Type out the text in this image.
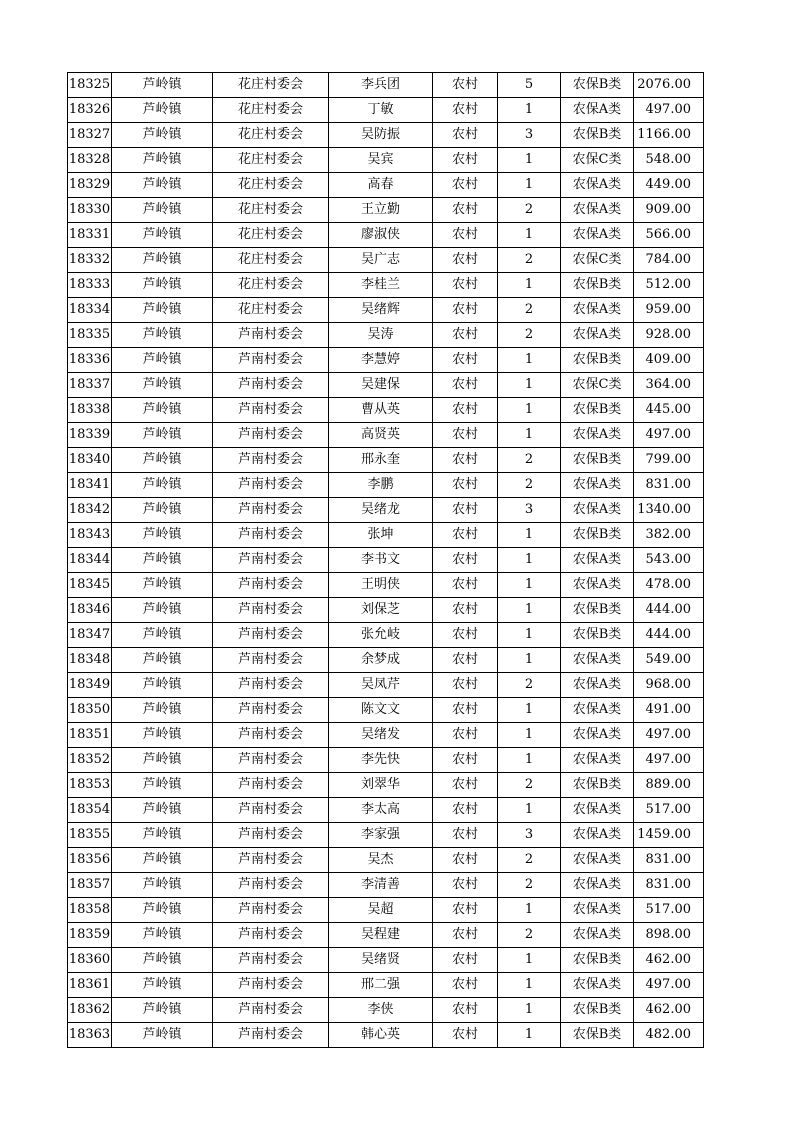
18325	芦岭镇	花庄村委会	李兵团	农村	5	农保B类	2076.00
18326	芦岭镇	花庄村委会	丁敏	农村	1	农保A类	497.00
18327	芦岭镇	花庄村委会	吴防振	农村	3	农保B类	1166.00
18328	芦岭镇	花庄村委会	吴宾	农村	1	农保C类	548.00
18329	芦岭镇	花庄村委会	高春	农村	1	农保A类	449.00
18330	芦岭镇	花庄村委会	王立勤	农村	2	农保A类	909.00
18331	芦岭镇	花庄村委会	廖淑侠	农村	1	农保A类	566.00
18332	芦岭镇	花庄村委会	吴广志	农村	2	农保C类	784.00
18333	芦岭镇	花庄村委会	李桂兰	农村	1	农保B类	512.00
18334	芦岭镇	花庄村委会	吴绪辉	农村	2	农保A类	959.00
18335	芦岭镇	芦南村委会	吴涛	农村	2	农保A类	928.00
18336	芦岭镇	芦南村委会	李慧婷	农村	1	农保B类	409.00
18337	芦岭镇	芦南村委会	吴建保	农村	1	农保C类	364.00
18338	芦岭镇	芦南村委会	曹从英	农村	1	农保B类	445.00
18339	芦岭镇	芦南村委会	高贤英	农村	1	农保A类	497.00
18340	芦岭镇	芦南村委会	邢永奎	农村	2	农保B类	799.00
18341	芦岭镇	芦南村委会	李鹏	农村	2	农保A类	831.00
18342	芦岭镇	芦南村委会	吴绪龙	农村	3	农保A类	1340.00
18343	芦岭镇	芦南村委会	张坤	农村	1	农保B类	382.00
18344	芦岭镇	芦南村委会	李书文	农村	1	农保A类	543.00
18345	芦岭镇	芦南村委会	王明侠	农村	1	农保A类	478.00
18346	芦岭镇	芦南村委会	刘保芝	农村	1	农保B类	444.00
18347	芦岭镇	芦南村委会	张允岐	农村	1	农保B类	444.00
18348	芦岭镇	芦南村委会	余梦成	农村	1	农保A类	549.00
18349	芦岭镇	芦南村委会	吴凤芹	农村	2	农保A类	968.00
18350	芦岭镇	芦南村委会	陈文文	农村	1	农保A类	491.00
18351	芦岭镇	芦南村委会	吴绪发	农村	1	农保A类	497.00
18352	芦岭镇	芦南村委会	李先快	农村	1	农保A类	497.00
18353	芦岭镇	芦南村委会	刘翠华	农村	2	农保B类	889.00
18354	芦岭镇	芦南村委会	李太高	农村	1	农保A类	517.00
18355	芦岭镇	芦南村委会	李家强	农村	3	农保A类	1459.00
18356	芦岭镇	芦南村委会	吴杰	农村	2	农保A类	831.00
18357	芦岭镇	芦南村委会	李清善	农村	2	农保A类	831.00
18358	芦岭镇	芦南村委会	吴超	农村	1	农保A类	517.00
18359	芦岭镇	芦南村委会	吴程建	农村	2	农保A类	898.00
18360	芦岭镇	芦南村委会	吴绪贤	农村	1	农保B类	462.00
18361	芦岭镇	芦南村委会	邢二强	农村	1	农保A类	497.00
18362	芦岭镇	芦南村委会	李侠	农村	1	农保B类	462.00
18363	芦岭镇	芦南村委会	韩心英	农村	1	农保B类	482.00
